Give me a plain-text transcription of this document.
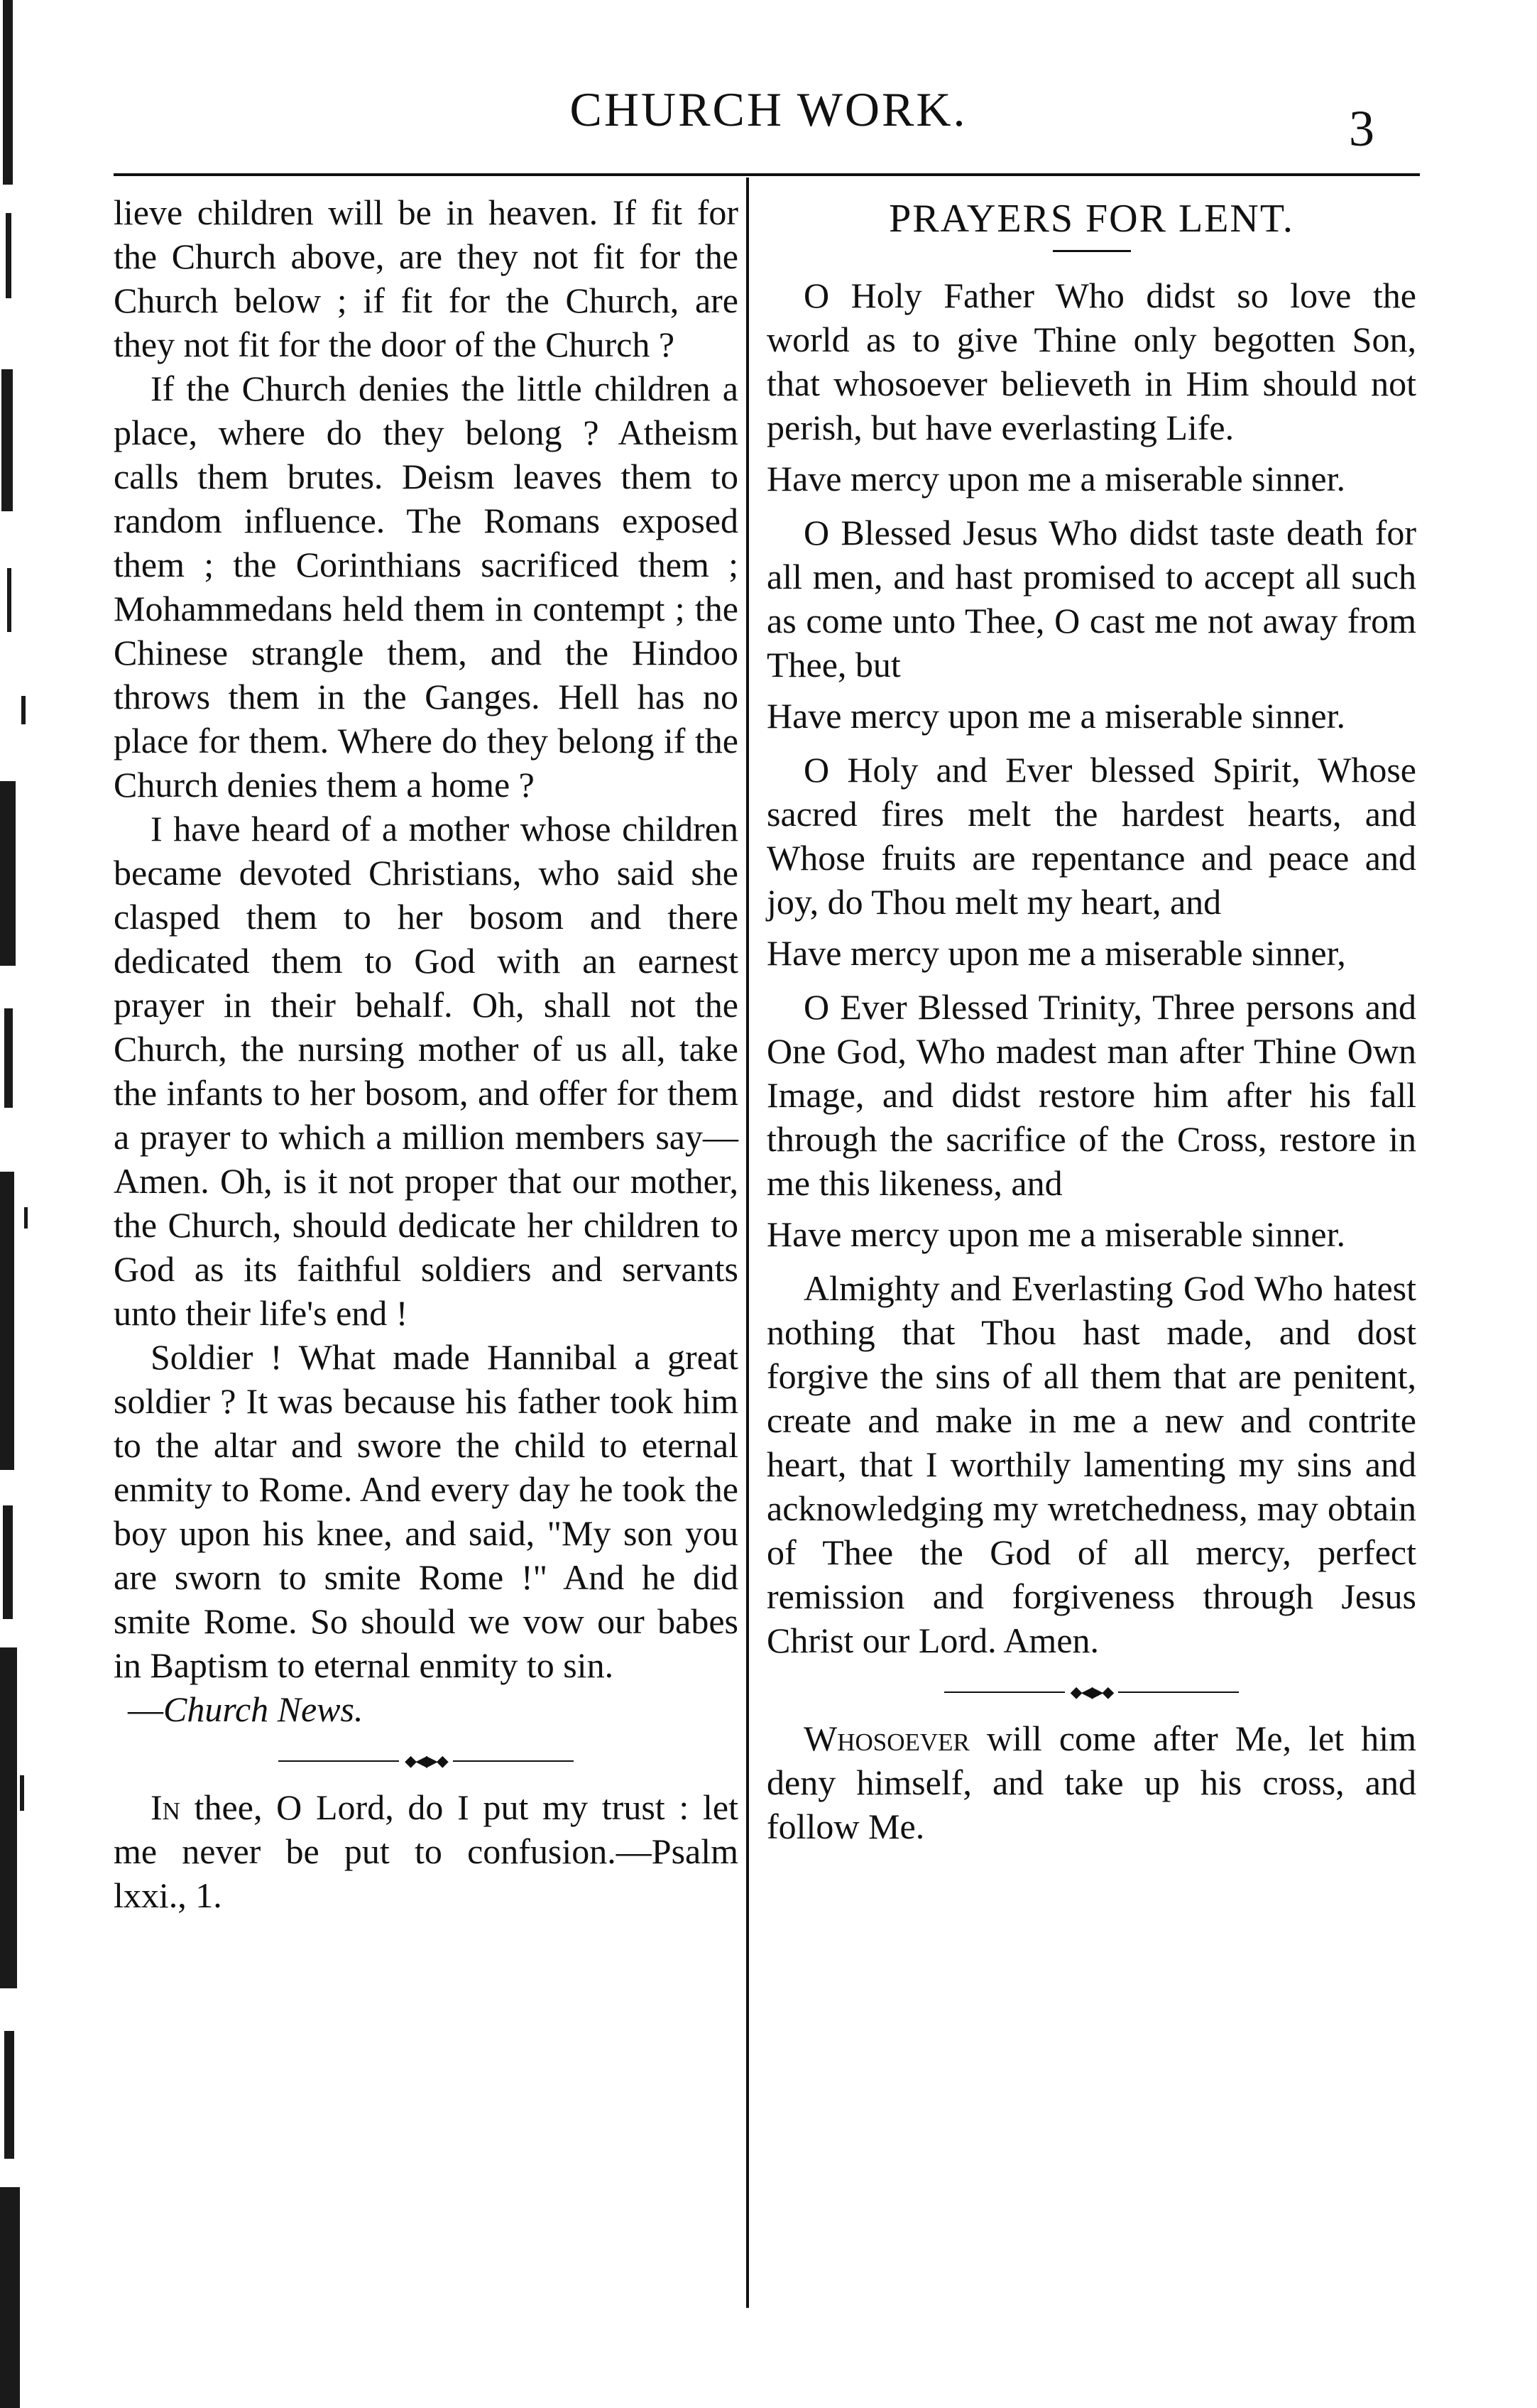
CHURCH WORK.	3

lieve children will be in heaven. If fit for the Church above, are they not fit for the Church below ; if fit for the Church, are they not fit for the door of the Church ?

If the Church denies the little children a place, where do they belong ? Atheism calls them brutes. Deism leaves them to random influence. The Romans exposed them ; the Corinthians sacrificed them ; Mohammedans held them in contempt ; the Chinese strangle them, and the Hindoo throws them in the Ganges. Hell has no place for them. Where do they belong if the Church denies them a home ?

I have heard of a mother whose children became devoted Christians, who said she clasped them to her bosom and there dedicated them to God with an earnest prayer in their behalf. Oh, shall not the Church, the nursing mother of us all, take the infants to her bosom, and offer for them a prayer to which a million members say—Amen. Oh, is it not proper that our mother, the Church, should dedicate her children to God as its faithful soldiers and servants unto their life's end !

Soldier ! What made Hannibal a great soldier ? It was because his father took him to the altar and swore the child to eternal enmity to Rome. And every day he took the boy upon his knee, and said, "My son you are sworn to smite Rome !" And he did smite Rome. So should we vow our babes in Baptism to eternal enmity to sin.

—Church News.

◆◀▶◆

In thee, O Lord, do I put my trust : let me never be put to confusion.—Psalm lxxi., 1.

PRAYERS FOR LENT.

O Holy Father Who didst so love the world as to give Thine only begotten Son, that whosoever believeth in Him should not perish, but have everlasting Life.

Have mercy upon me a miserable sinner.

O Blessed Jesus Who didst taste death for all men, and hast promised to accept all such as come unto Thee, O cast me not away from Thee, but

Have mercy upon me a miserable sinner.

O Holy and Ever blessed Spirit, Whose sacred fires melt the hardest hearts, and Whose fruits are repentance and peace and joy, do Thou melt my heart, and

Have mercy upon me a miserable sinner,

O Ever Blessed Trinity, Three persons and One God, Who madest man after Thine Own Image, and didst restore him after his fall through the sacrifice of the Cross, restore in me this likeness, and

Have mercy upon me a miserable sinner.

Almighty and Everlasting God Who hatest nothing that Thou hast made, and dost forgive the sins of all them that are penitent, create and make in me a new and contrite heart, that I worthily lamenting my sins and acknowledging my wretchedness, may obtain of Thee the God of all mercy, perfect remission and forgiveness through Jesus Christ our Lord. Amen.

◆◀▶◆

Whosoever will come after Me, let him deny himself, and take up his cross, and follow Me.
